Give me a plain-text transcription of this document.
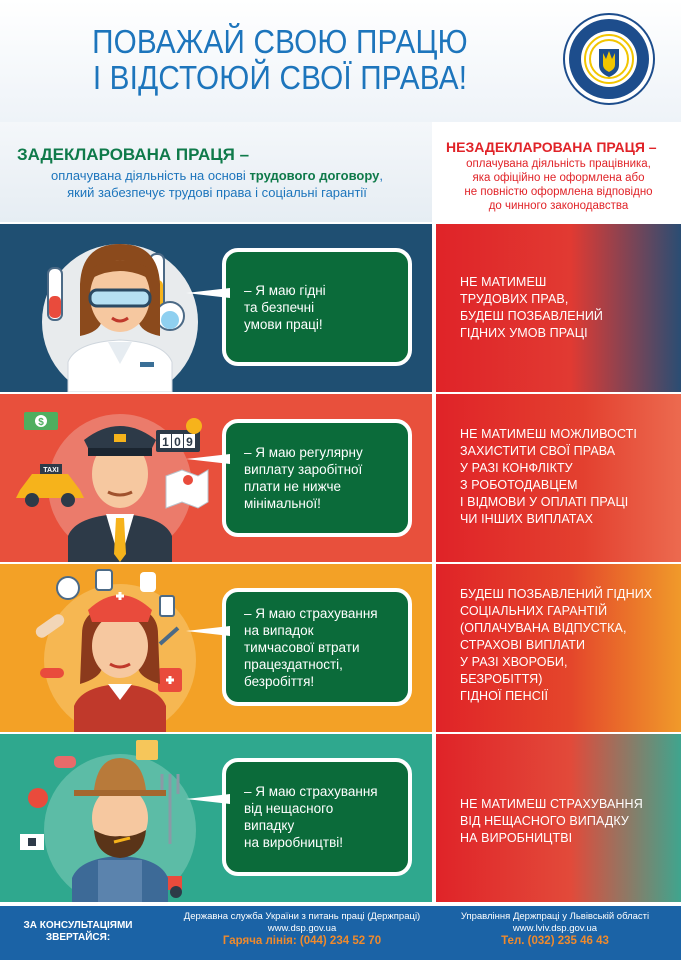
ПОВАЖАЙ СВОЮ ПРАЦЮ
І ВІДСТОЮЙ СВОЇ ПРАВА!
ЗАДЕКЛАРОВАНА ПРАЦЯ –
оплачувана діяльність на основі трудового договору,
який забезпечує трудові права і соціальні гарантії
НЕЗАДЕКЛАРОВАНА ПРАЦЯ –
оплачувана діяльність працівника,
яка офіційно не оформлена або
не повністю оформлена відповідно
до чинного законодавства
– Я маю гідні
та безпечні
умови праці!
НЕ МАТИМЕШ
ТРУДОВИХ ПРАВ,
БУДЕШ ПОЗБАВЛЕНИЙ
ГІДНИХ УМОВ ПРАЦІ
$
TAXI
1 0 9
– Я маю регулярну
виплату заробітної
плати не нижче
мінімальної!
НЕ МАТИМЕШ МОЖЛИВОСТІ
ЗАХИСТИТИ СВОЇ ПРАВА
У РАЗІ КОНФЛІКТУ
З РОБОТОДАВЦЕМ
І ВІДМОВИ У ОПЛАТІ ПРАЦІ
ЧИ ІНШИХ ВИПЛАТАХ
– Я маю страхування
на випадок
тимчасової втрати
працездатності,
безробіття!
БУДЕШ ПОЗБАВЛЕНИЙ ГІДНИХ
СОЦІАЛЬНИХ ГАРАНТІЙ
(ОПЛАЧУВАНА ВІДПУСТКА,
СТРАХОВІ ВИПЛАТИ
У РАЗІ ХВОРОБИ,
БЕЗРОБІТТЯ)
ГІДНОЇ ПЕНСІЇ
– Я маю страхування
від нещасного
випадку
на виробництві!
НЕ МАТИМЕШ СТРАХУВАННЯ
ВІД НЕЩАСНОГО ВИПАДКУ
НА ВИРОБНИЦТВІ
ЗА КОНСУЛЬТАЦІЯМИ
ЗВЕРТАЙСЯ:
Державна служба України з питань праці (Держпраці)
www.dsp.gov.ua
Гаряча лінія: (044) 234 52 70
Управління Держпраці у Львівській області
www.lviv.dsp.gov.ua
Тел. (032) 235 46 43
